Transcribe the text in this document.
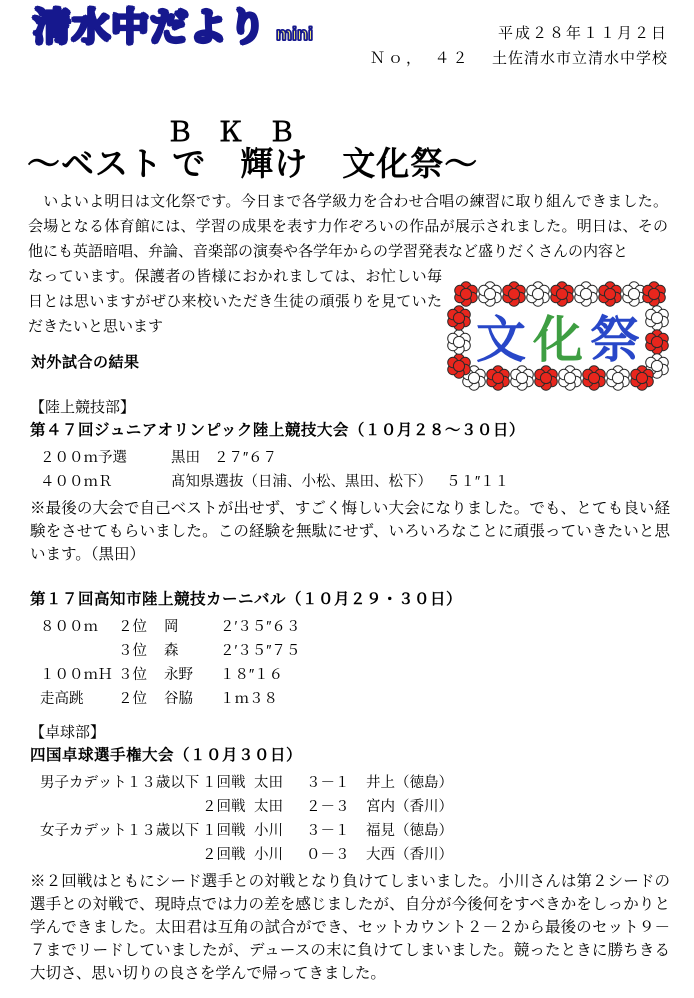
清水中だより mini	平成２８年１１月２日
Ｎｏ，　４２ 土佐清水市立清水中学校
ＢＫＢ
～ベスト で　輝け　文化祭～

　いよいよ明日は文化祭です。今日まで各学級力を合わせ合唱の練習に取り組んできました。会場となる体育館には、学習の成果を表す力作ぞろいの作品が展示されました。明日は、その他にも英語暗唱、弁論、音楽部の演奏や各学年からの学習発表など盛りだくさんの内容と

なっています。保護者の皆様におかれましては、お忙しい毎日とは思いますがぜひ来校いただき生徒の頑張りを見ていただきたいと思います	文 化 祭
対外試合の結果
【陸上競技部】
第４７回ジュニアオリンピック陸上競技大会（１０月２８～３０日）
２００ｍ予選	黒田 ２７″６７
４００ｍＲ	髙知県選抜（日浦、小松、黒田、松下） ５１″１１

※最後の大会で自己ベストが出せず、すごく悔しい大会になりました。でも、とても良い経験をさせてもらいました。この経験を無駄にせず、いろいろなことに頑張っていきたいと思います。（黒田）

第１７回高知市陸上競技カーニバル（１０月２９・３０日）
８００ｍ ２位 岡	２′３５″６３
３位 森	２′３５″７５
１００ｍＨ ３位 永野 １８″１６
走高跳 ２位 谷脇 １ｍ３８
【卓球部】
四国卓球選手権大会（１０月３０日）
男子カデット１３歳以下 １回戦 太田 ３－１ 井上（徳島）
２回戦 太田 ２－３ 宮内（香川）
女子カデット１３歳以下 １回戦 小川 ３－１ 福見（徳島）
２回戦 小川 ０－３ 大西（香川）

※２回戦はともにシード選手との対戦となり負けてしまいました。小川さんは第２シードの選手との対戦で、現時点では力の差を感じましたが、自分が今後何をすべきかをしっかりと学んできました。太田君は互角の試合ができ、セットカウント２－２から最後のセット９－７までリードしていましたが、デュースの末に負けてしまいました。競ったときに勝ちきる大切さ、思い切りの良さを学んで帰ってきました。
